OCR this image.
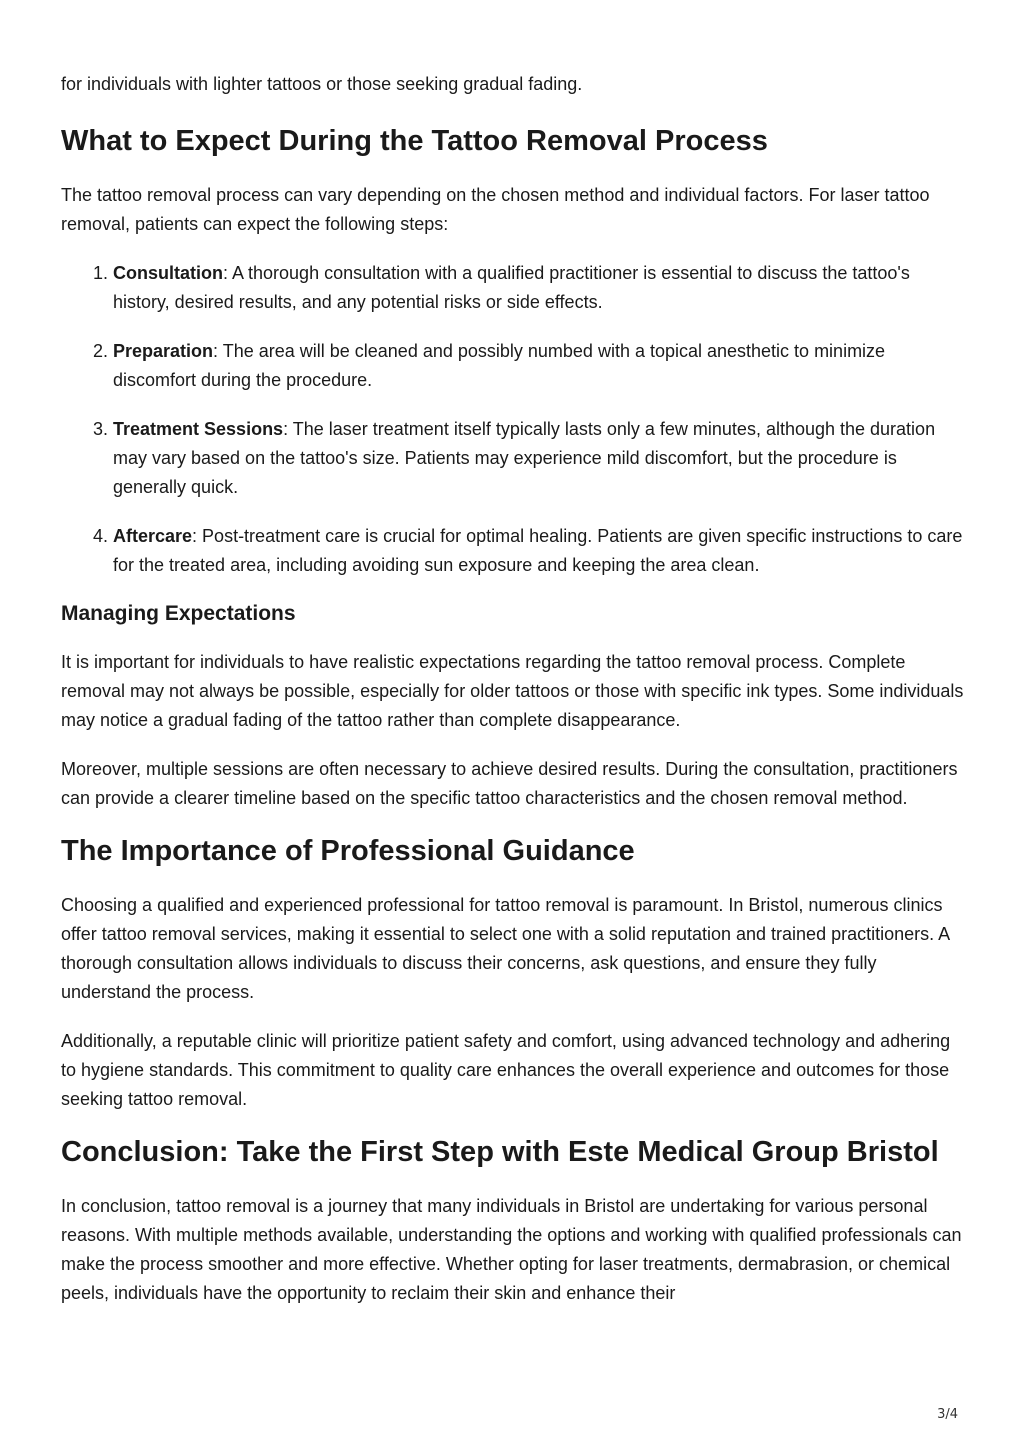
for individuals with lighter tattoos or those seeking gradual fading.

What to Expect During the Tattoo Removal Process

The tattoo removal process can vary depending on the chosen method and individual factors. For laser tattoo removal, patients can expect the following steps:

1. Consultation: A thorough consultation with a qualified practitioner is essential to discuss the tattoo's history, desired results, and any potential risks or side effects.
2. Preparation: The area will be cleaned and possibly numbed with a topical anesthetic to minimize discomfort during the procedure.
3. Treatment Sessions: The laser treatment itself typically lasts only a few minutes, although the duration may vary based on the tattoo's size. Patients may experience mild discomfort, but the procedure is generally quick.
4. Aftercare: Post-treatment care is crucial for optimal healing. Patients are given specific instructions to care for the treated area, including avoiding sun exposure and keeping the area clean.
Managing Expectations

It is important for individuals to have realistic expectations regarding the tattoo removal process. Complete removal may not always be possible, especially for older tattoos or those with specific ink types. Some individuals may notice a gradual fading of the tattoo rather than complete disappearance.

Moreover, multiple sessions are often necessary to achieve desired results. During the consultation, practitioners can provide a clearer timeline based on the specific tattoo characteristics and the chosen removal method.

The Importance of Professional Guidance

Choosing a qualified and experienced professional for tattoo removal is paramount. In Bristol, numerous clinics offer tattoo removal services, making it essential to select one with a solid reputation and trained practitioners. A thorough consultation allows individuals to discuss their concerns, ask questions, and ensure they fully understand the process.

Additionally, a reputable clinic will prioritize patient safety and comfort, using advanced technology and adhering to hygiene standards. This commitment to quality care enhances the overall experience and outcomes for those seeking tattoo removal.

Conclusion: Take the First Step with Este Medical Group Bristol

In conclusion, tattoo removal is a journey that many individuals in Bristol are undertaking for various personal reasons. With multiple methods available, understanding the options and working with qualified professionals can make the process smoother and more effective. Whether opting for laser treatments, dermabrasion, or chemical peels, individuals have the opportunity to reclaim their skin and enhance their

3/4
